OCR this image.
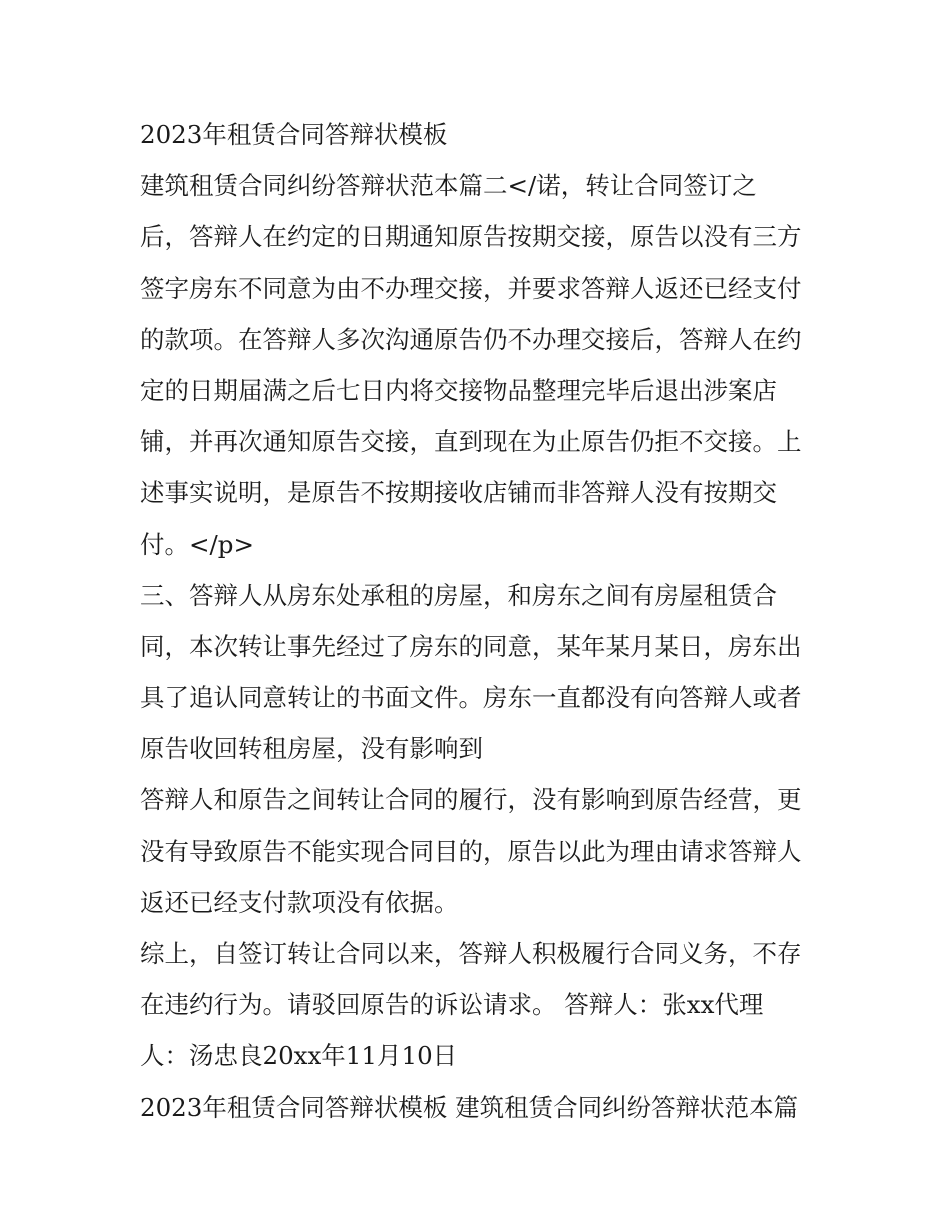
2023年租赁合同答辩状模板
建筑租赁合同纠纷答辩状范本篇二</诺，转让合同签订之
后，答辩人在约定的日期通知原告按期交接，原告以没有三方
签字房东不同意为由不办理交接，并要求答辩人返还已经支付
的款项。在答辩人多次沟通原告仍不办理交接后，答辩人在约
定的日期届满之后七日内将交接物品整理完毕后退出涉案店
铺，并再次通知原告交接，直到现在为止原告仍拒不交接。上
述事实说明，是原告不按期接收店铺而非答辩人没有按期交
付。</p>
三、答辩人从房东处承租的房屋，和房东之间有房屋租赁合
同，本次转让事先经过了房东的同意，某年某月某日，房东出
具了追认同意转让的书面文件。房东一直都没有向答辩人或者
原告收回转租房屋，没有影响到
答辩人和原告之间转让合同的履行，没有影响到原告经营，更
没有导致原告不能实现合同目的，原告以此为理由请求答辩人
返还已经支付款项没有依据。
综上，自签订转让合同以来，答辩人积极履行合同义务，不存
在违约行为。请驳回原告的诉讼请求。 答辩人：张xx代理
人：汤忠良20xx年11月10日
2023年租赁合同答辩状模板 建筑租赁合同纠纷答辩状范本篇
